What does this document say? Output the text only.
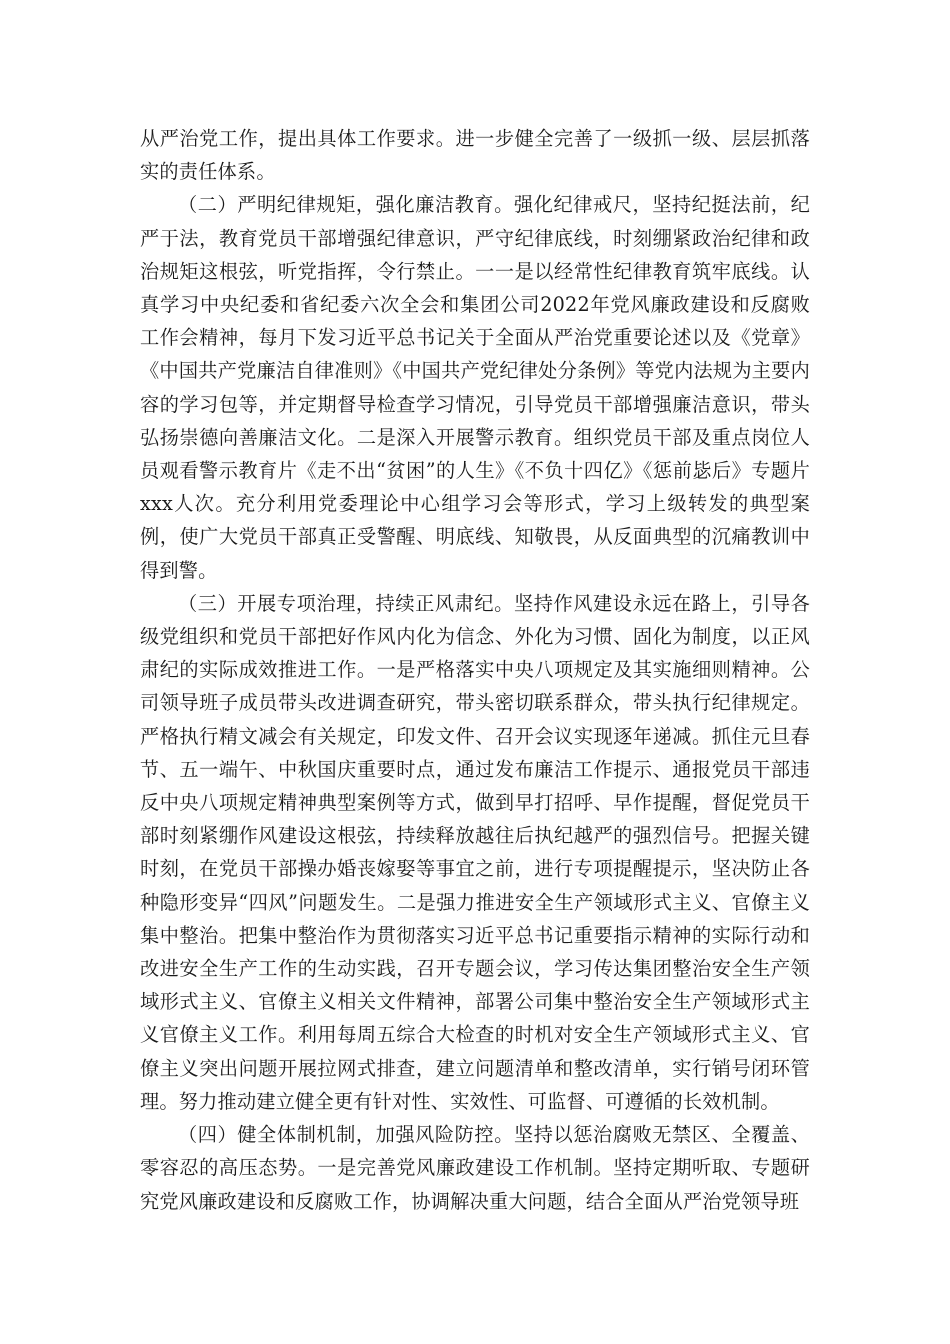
从严治党工作，提出具体工作要求。进一步健全完善了一级抓一级、层层抓落实的责任体系。

（二）严明纪律规矩，强化廉洁教育。强化纪律戒尺，坚持纪挺法前，纪严于法，教育党员干部增强纪律意识，严守纪律底线，时刻绷紧政治纪律和政治规矩这根弦，听党指挥，令行禁止。一一是以经常性纪律教育筑牢底线。认真学习中央纪委和省纪委六次全会和集团公司2022年党风廉政建设和反腐败工作会精神，每月下发习近平总书记关于全面从严治党重要论述以及《党章》《中国共产党廉洁自律准则》《中国共产党纪律处分条例》等党内法规为主要内容的学习包等，并定期督导检查学习情况，引导党员干部增强廉洁意识，带头弘扬崇德向善廉洁文化。二是深入开展警示教育。组织党员干部及重点岗位人员观看警示教育片《走不出“贫困”的人生》《不负十四亿》《惩前毖后》专题片xxx人次。充分利用党委理论中心组学习会等形式，学习上级转发的典型案例，使广大党员干部真正受警醒、明底线、知敬畏，从反面典型的沉痛教训中得到警。

（三）开展专项治理，持续正风肃纪。坚持作风建设永远在路上，引导各级党组织和党员干部把好作风内化为信念、外化为习惯、固化为制度，以正风肃纪的实际成效推进工作。一是严格落实中央八项规定及其实施细则精神。公司领导班子成员带头改进调查研究，带头密切联系群众，带头执行纪律规定。严格执行精文减会有关规定，印发文件、召开会议实现逐年递减。抓住元旦春节、五一端午、中秋国庆重要时点，通过发布廉洁工作提示、通报党员干部违反中央八项规定精神典型案例等方式，做到早打招呼、早作提醒，督促党员干部时刻紧绷作风建设这根弦，持续释放越往后执纪越严的强烈信号。把握关键时刻，在党员干部操办婚丧嫁娶等事宜之前，进行专项提醒提示，坚决防止各种隐形变异“四风”问题发生。二是强力推进安全生产领域形式主义、官僚主义集中整治。把集中整治作为贯彻落实习近平总书记重要指示精神的实际行动和改进安全生产工作的生动实践，召开专题会议，学习传达集团整治安全生产领域形式主义、官僚主义相关文件精神，部署公司集中整治安全生产领域形式主义官僚主义工作。利用每周五综合大检查的时机对安全生产领域形式主义、官僚主义突出问题开展拉网式排查，建立问题清单和整改清单，实行销号闭环管理。努力推动建立健全更有针对性、实效性、可监督、可遵循的长效机制。

（四）健全体制机制，加强风险防控。坚持以惩治腐败无禁区、全覆盖、零容忍的高压态势。一是完善党风廉政建设工作机制。坚持定期听取、专题研究党风廉政建设和反腐败工作，协调解决重大问题，结合全面从严治党领导班
